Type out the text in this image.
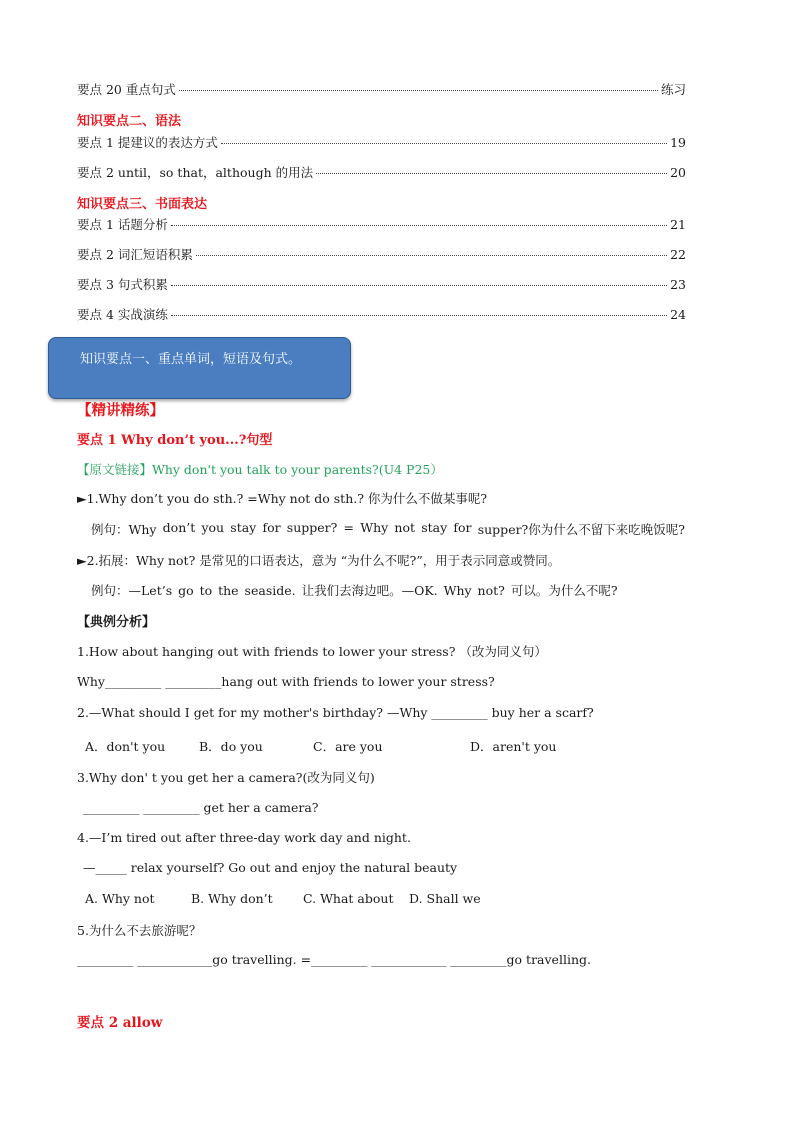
要点 20 重点句式	练习
知识要点二、语法
要点 1 提建议的表达方式	19
要点 2 until，so that，although 的用法	20
知识要点三、书面表达
要点 1 话题分析	21
要点 2 词汇短语积累	22
要点 3 句式积累	23
要点 4 实战演练	24
知识要点一、重点单词，短语及句式。
【精讲精练】
要点 1 Why don’t you...?句型
【原文链接】Why don't you talk to your parents?(U4 P25）
►1.Why don’t you do sth.? =Why not do sth.? 你为什么不做某事呢?
例句：Why don’t you stay for supper? = Why not stay for supper?你为什么不留下来吃晚饭呢?
►2.拓展：Why not? 是常见的口语表达，意为 “为什么不呢?”，用于表示同意或赞同。
例句：—Let’s go to the seaside. 让我们去海边吧。—OK. Why not? 可以。为什么不呢?
【典例分析】
1.How about hanging out with friends to lower your stress? （改为同义句）
Why_________ _________hang out with friends to lower your stress?
2.—What should I get for my mother's birthday? —Why _________ buy her a scarf?
A．don't you	B．do you	C．are you	D．aren't you
3.Why don' t you get her a camera?(改为同义句)
_________ _________ get her a camera?
4.—I’m tired out after three-day work day and night.
—_____ relax yourself? Go out and enjoy the natural beauty
A. Why not	B. Why don’t C. What about D. Shall we
5.为什么不去旅游呢？
_________ ____________go travelling. =_________ ____________ _________go travelling.
要点 2 allow
